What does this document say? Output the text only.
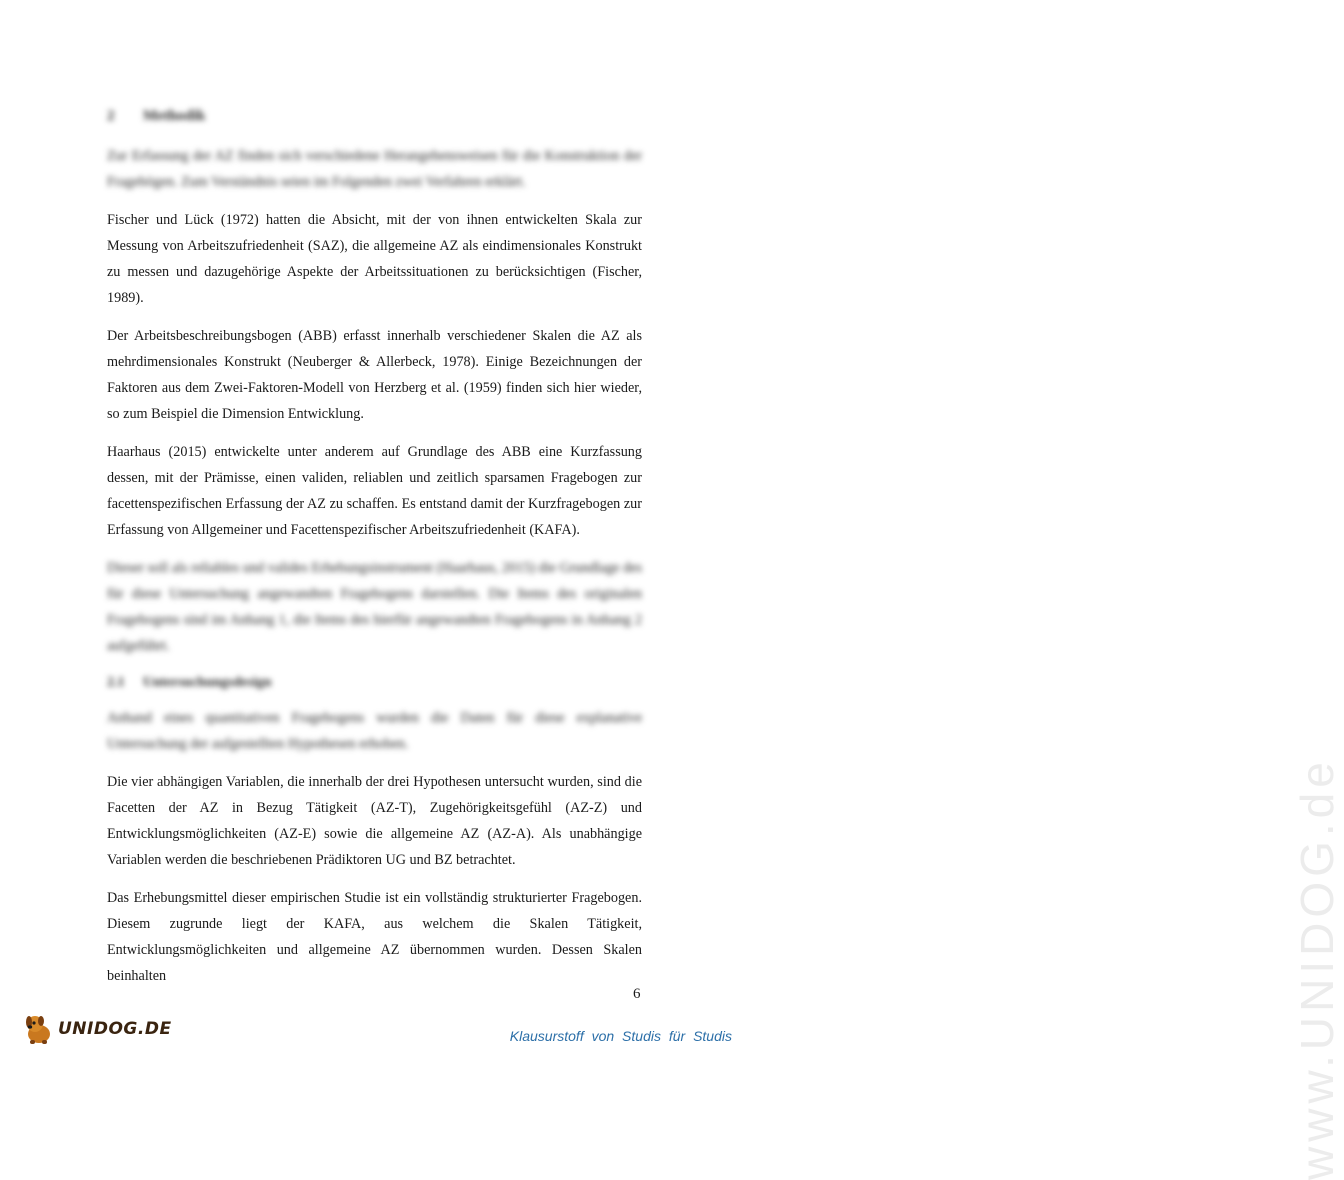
www.UNIDOG.de
2 Methodik

Zur Erfassung der AZ finden sich verschiedene Herangehensweisen für die Konstruktion der Fragebögen. Zum Verständnis seien im Folgenden zwei Verfahren erklärt.

Fischer und Lück (1972) hatten die Absicht, mit der von ihnen entwickelten Skala zur Messung von Arbeitszufriedenheit (SAZ), die allgemeine AZ als eindimensionales Konstrukt zu messen und dazugehörige Aspekte der Arbeitssituationen zu berücksichtigen (Fischer, 1989).

Der Arbeitsbeschreibungsbogen (ABB) erfasst innerhalb verschiedener Skalen die AZ als mehrdimensionales Konstrukt (Neuberger & Allerbeck, 1978). Einige Bezeichnungen der Faktoren aus dem Zwei-Faktoren-Modell von Herzberg et al. (1959) finden sich hier wieder, so zum Beispiel die Dimension Entwicklung.

Haarhaus (2015) entwickelte unter anderem auf Grundlage des ABB eine Kurzfassung dessen, mit der Prämisse, einen validen, reliablen und zeitlich sparsamen Fragebogen zur facettenspezifischen Erfassung der AZ zu schaffen. Es entstand damit der Kurzfragebogen zur Erfassung von Allgemeiner und Facettenspezifischer Arbeitszufriedenheit (KAFA).

Dieser soll als reliables und valides Erhebungsinstrument (Haarhaus, 2015) die Grundlage des für diese Untersuchung angewandten Fragebogens darstellen. Die Items des originalen Fragebogens sind im Anhang 1, die Items des hierfür angewandten Fragebogens in Anhang 2 aufgeführt.

2.1 Untersuchungsdesign

Anhand eines quantitativen Fragebogens wurden die Daten für diese explanative Untersuchung der aufgestellten Hypothesen erhoben.

Die vier abhängigen Variablen, die innerhalb der drei Hypothesen untersucht wurden, sind die Facetten der AZ in Bezug Tätigkeit (AZ-T), Zugehörigkeitsgefühl (AZ-Z) und Entwicklungsmöglichkeiten (AZ-E) sowie die allgemeine AZ (AZ-A). Als unabhängige Variablen werden die beschriebenen Prädiktoren UG und BZ betrachtet.

Das Erhebungsmittel dieser empirischen Studie ist ein vollständig strukturierter Fragebogen. Diesem zugrunde liegt der KAFA, aus welchem die Skalen Tätigkeit, Entwicklungsmöglichkeiten und allgemeine AZ übernommen wurden. Dessen Skalen beinhalten

6
UNIDOG.DE	Klausurstoff von Studis für Studis
